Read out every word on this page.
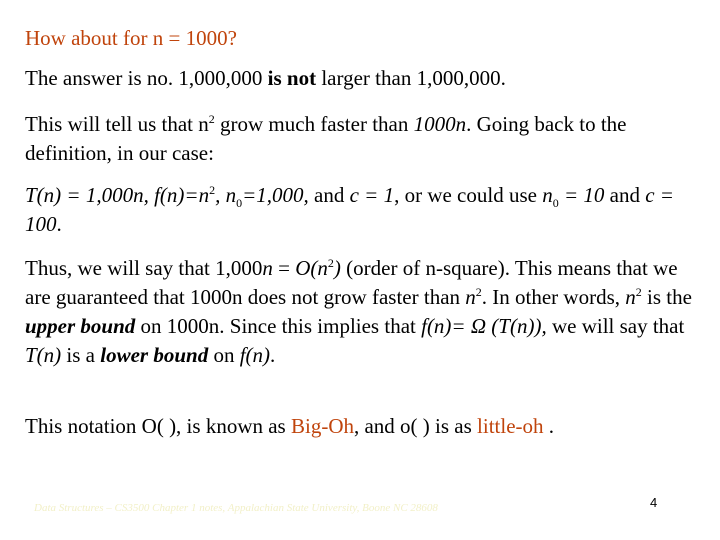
How about for n = 1000?

The answer is no. 1,000,000 is not larger than 1,000,000.

This will tell us that $n^2$ grow much faster than 1000n. Going back to the definition, in our case:

T(n) = 1,000n, $f(n)=n^2$, $n_0=1,000$, and c = 1, or we could use $n_0 = 10$ and c = 100.

Thus, we will say that $1,000n = O(n^2)$ (order of n-square). This means that we are guaranteed that 1000n does not grow faster than $n^2$. In other words, $n^2$ is the upper bound on 1000n. Since this implies that f(n)= Ω (T(n)), we will say that T(n) is a lower bound on f(n).

This notation O( ), is known as Big-Oh, and o( ) is as little-oh .

Data Structures – CS3500 Chapter 1 notes, Appalachian State University, Boone NC 28608	4
